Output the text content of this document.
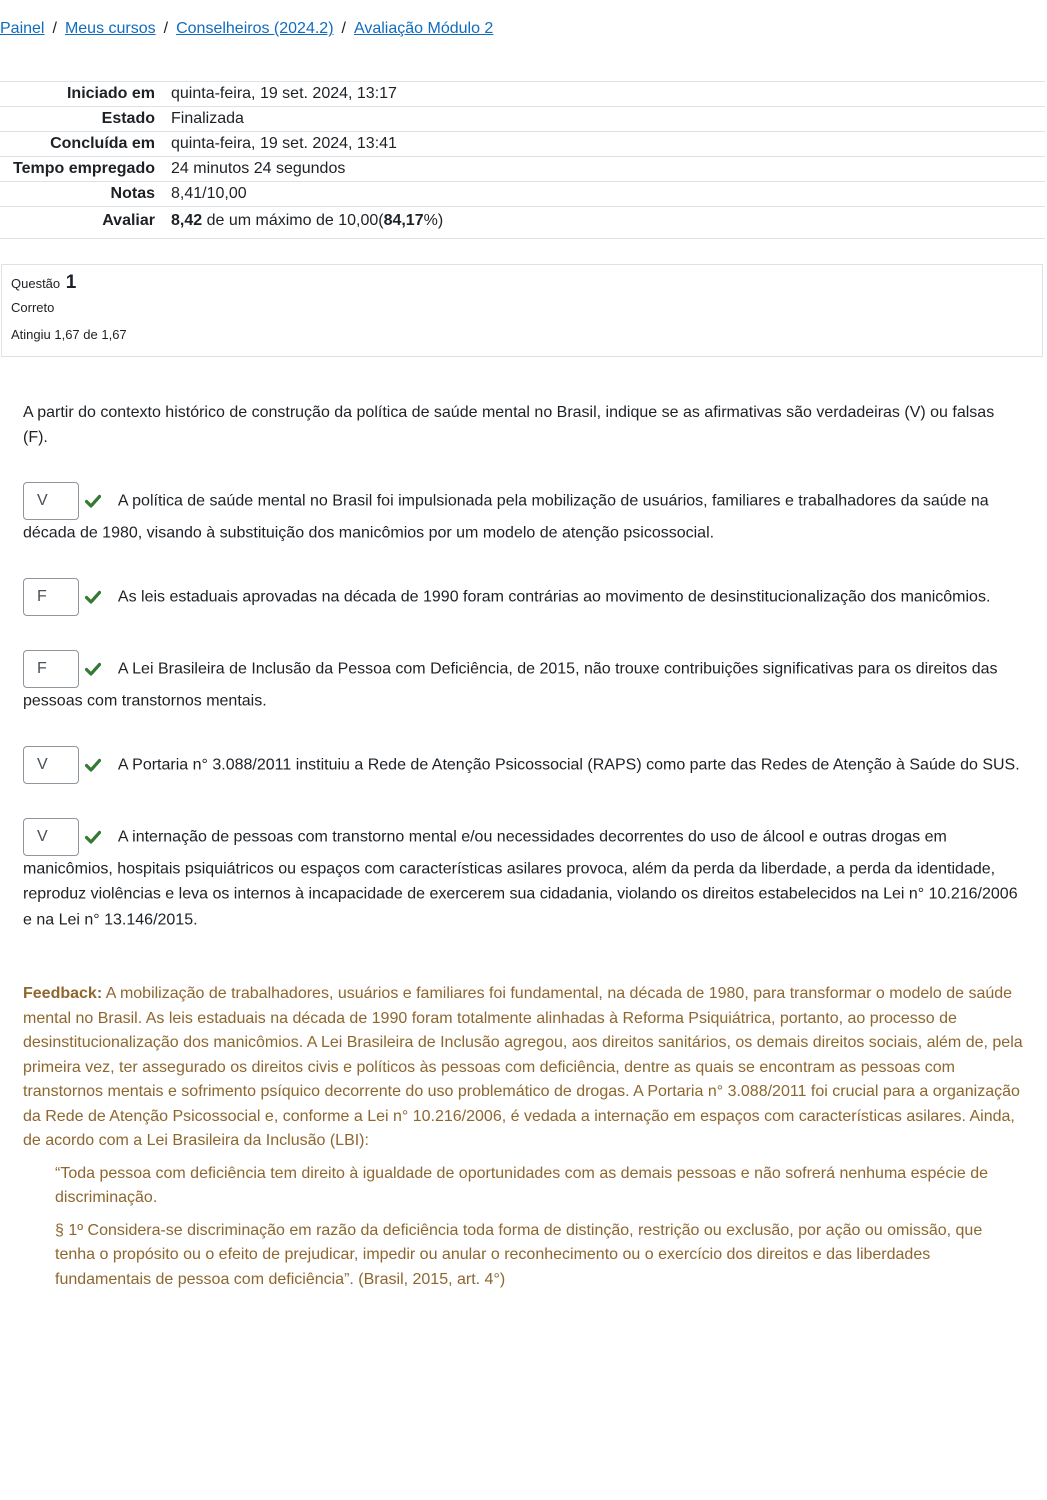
Painel / Meus cursos / Conselheiros (2024.2) / Avaliação Módulo 2
Iniciado em	quinta-feira, 19 set. 2024, 13:17
Estado	Finalizada
Concluída em	quinta-feira, 19 set. 2024, 13:41
Tempo empregado	24 minutos 24 segundos
Notas	8,41/10,00
Avaliar	8,42 de um máximo de 10,00(84,17%)
Questão 1
Correto
Atingiu 1,67 de 1,67
A partir do contexto histórico de construção da política de saúde mental no Brasil, indique se as afirmativas são verdadeiras (V) ou falsas (F).
V	A política de saúde mental no Brasil foi impulsionada pela mobilização de usuários, familiares e trabalhadores da saúde na década de 1980, visando à substituição dos manicômios por um modelo de atenção psicossocial.
F	As leis estaduais aprovadas na década de 1990 foram contrárias ao movimento de desinstitucionalização dos manicômios.
F	A Lei Brasileira de Inclusão da Pessoa com Deficiência, de 2015, não trouxe contribuições significativas para os direitos das pessoas com transtornos mentais.
V	A Portaria n° 3.088/2011 instituiu a Rede de Atenção Psicossocial (RAPS) como parte das Redes de Atenção à Saúde do SUS.
V	A internação de pessoas com transtorno mental e/ou necessidades decorrentes do uso de álcool e outras drogas em manicômios, hospitais psiquiátricos ou espaços com características asilares provoca, além da perda da liberdade, a perda da identidade, reproduz violências e leva os internos à incapacidade de exercerem sua cidadania, violando os direitos estabelecidos na Lei n° 10.216/2006 e na Lei n° 13.146/2015.
Feedback: A mobilização de trabalhadores, usuários e familiares foi fundamental, na década de 1980, para transformar o modelo de saúde mental no Brasil. As leis estaduais na década de 1990 foram totalmente alinhadas à Reforma Psiquiátrica, portanto, ao processo de desinstitucionalização dos manicômios. A Lei Brasileira de Inclusão agregou, aos direitos sanitários, os demais direitos sociais, além de, pela primeira vez, ter assegurado os direitos civis e políticos às pessoas com deficiência, dentre as quais se encontram as pessoas com transtornos mentais e sofrimento psíquico decorrente do uso problemático de drogas. A Portaria n° 3.088/2011 foi crucial para a organização da Rede de Atenção Psicossocial e, conforme a Lei n° 10.216/2006, é vedada a internação em espaços com características asilares. Ainda, de acordo com a Lei Brasileira da Inclusão (LBI):

“Toda pessoa com deficiência tem direito à igualdade de oportunidades com as demais pessoas e não sofrerá nenhuma espécie de discriminação.

§ 1º Considera-se discriminação em razão da deficiência toda forma de distinção, restrição ou exclusão, por ação ou omissão, que tenha o propósito ou o efeito de prejudicar, impedir ou anular o reconhecimento ou o exercício dos direitos e das liberdades fundamentais de pessoa com deficiência”. (Brasil, 2015, art. 4°)
